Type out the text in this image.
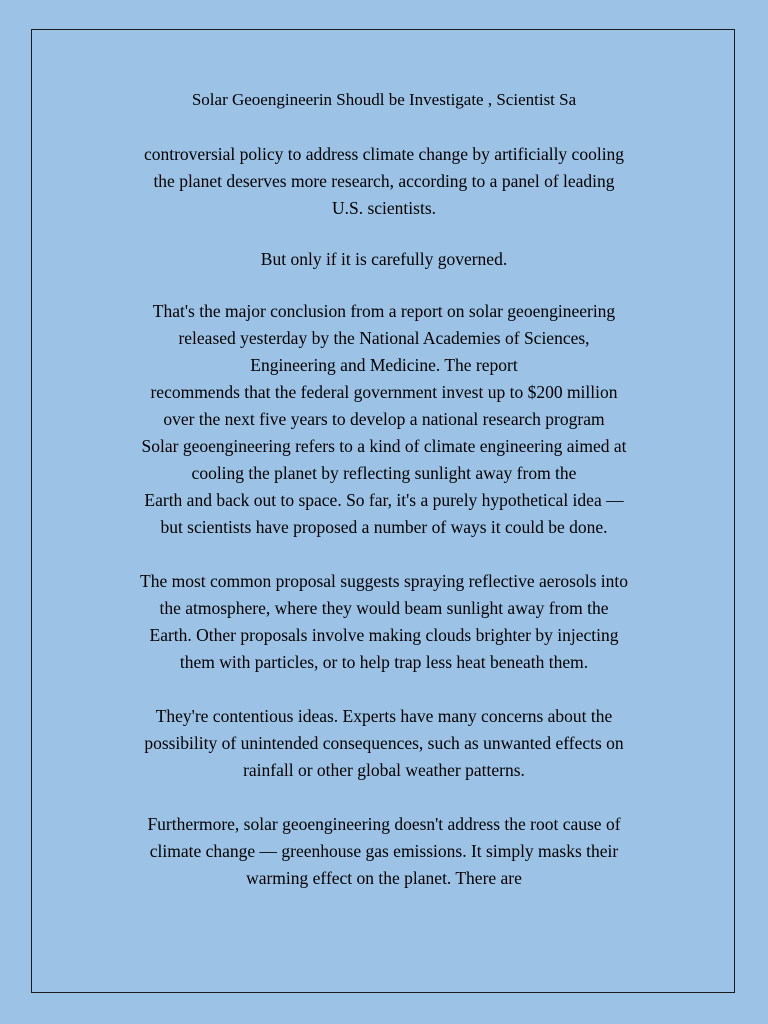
Solar Geoengineerin Shoudl be Investigate , Scientist Sa

controversial policy to address climate change by artificially cooling
the planet deserves more research, according to a panel of leading
U.S. scientists.

But only if it is carefully governed.

That's the major conclusion from a report on solar geoengineering
released yesterday by the National Academies of Sciences,
Engineering and Medicine. The report
recommends that the federal government invest up to $200 million
over the next five years to develop a national research program
Solar geoengineering refers to a kind of climate engineering aimed at
cooling the planet by reflecting sunlight away from the
Earth and back out to space. So far, it's a purely hypothetical idea —
but scientists have proposed a number of ways it could be done.

The most common proposal suggests spraying reflective aerosols into
the atmosphere, where they would beam sunlight away from the
Earth. Other proposals involve making clouds brighter by injecting
them with particles, or to help trap less heat beneath them.

They're contentious ideas. Experts have many concerns about the
possibility of unintended consequences, such as unwanted effects on
rainfall or other global weather patterns.

Furthermore, solar geoengineering doesn't address the root cause of
climate change — greenhouse gas emissions. It simply masks their
warming effect on the planet. There are
